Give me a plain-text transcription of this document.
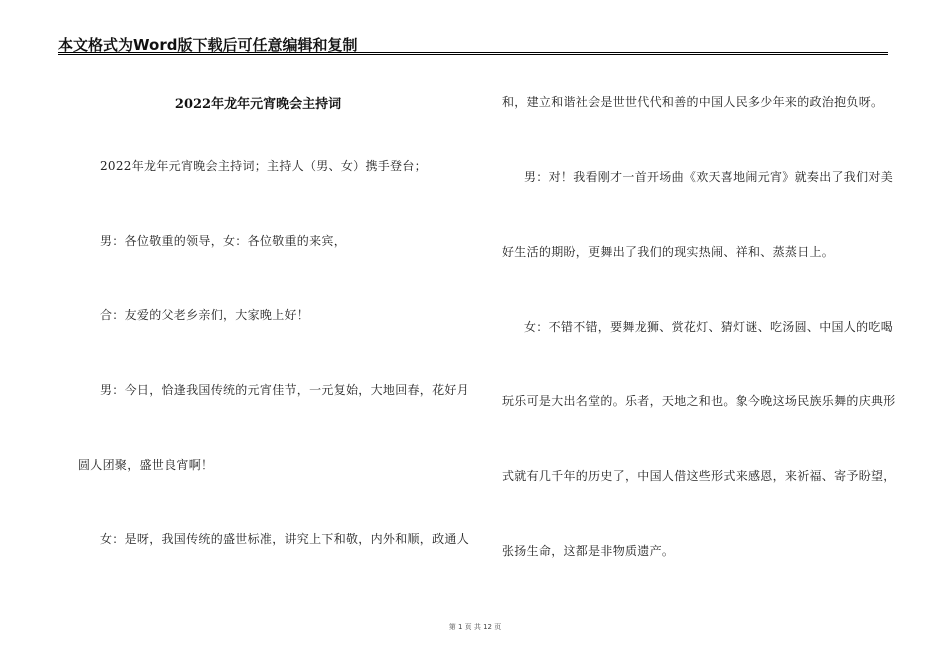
本文格式为Word版下载后可任意编辑和复制
2022年龙年元宵晚会主持词
2022年龙年元宵晚会主持词；主持人（男、女）携手登台；
男：各位敬重的领导，女：各位敬重的来宾，
合：友爱的父老乡亲们，大家晚上好！
男：今日，恰逢我国传统的元宵佳节，一元复始，大地回春，花好月
圆人团聚，盛世良宵啊！
女：是呀，我国传统的盛世标准，讲究上下和敬，内外和顺，政通人
和，建立和谐社会是世世代代和善的中国人民多少年来的政治抱负呀。
男：对！我看刚才一首开场曲《欢天喜地闹元宵》就奏出了我们对美
好生活的期盼，更舞出了我们的现实热闹、祥和、蒸蒸日上。
女：不错不错，要舞龙狮、赏花灯、猜灯谜、吃汤圆、中国人的吃喝
玩乐可是大出名堂的。乐者，天地之和也。象今晚这场民族乐舞的庆典形
式就有几千年的历史了，中国人借这些形式来感恩，来祈福、寄予盼望，
张扬生命，这都是非物质遗产。
第 1 页 共 12 页
